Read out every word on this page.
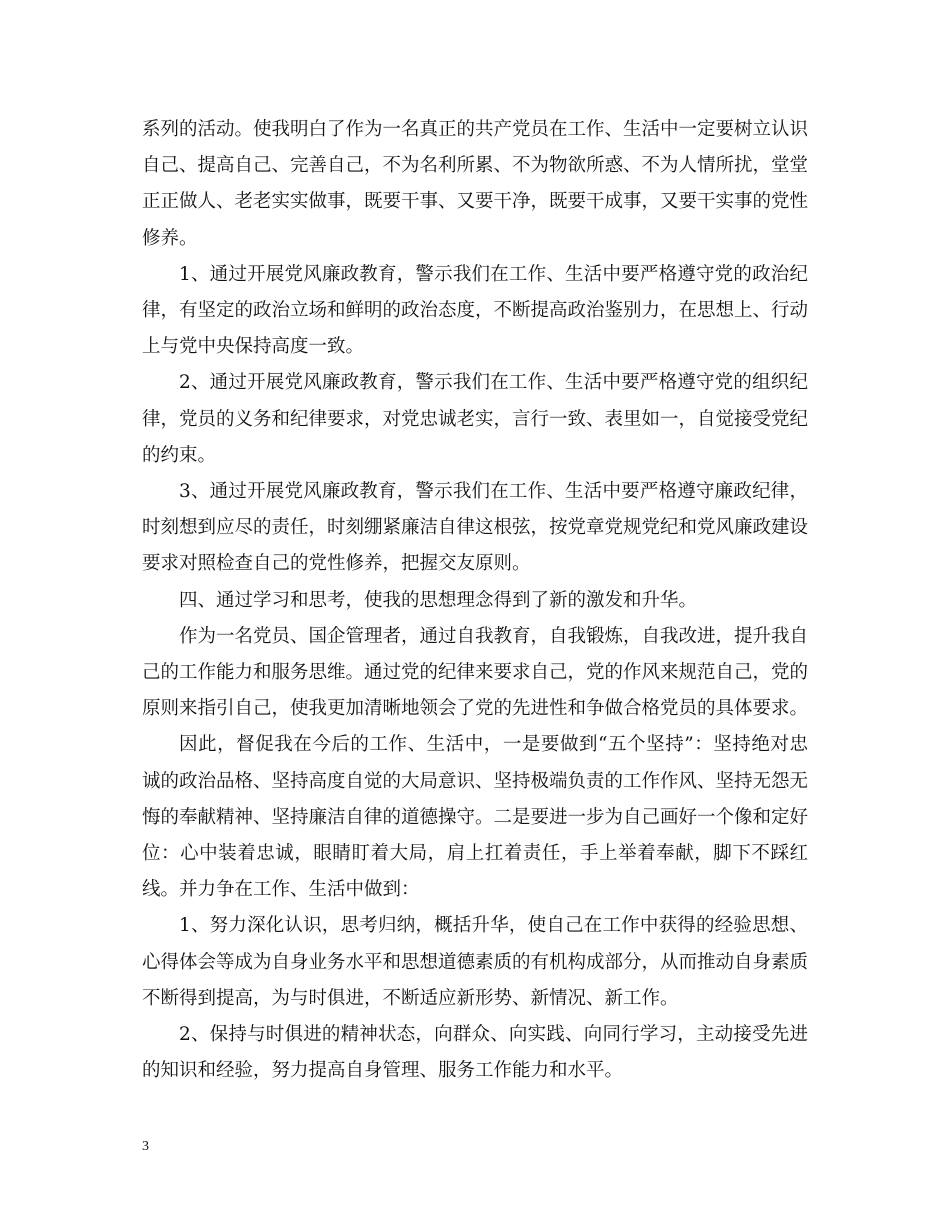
系列的活动。使我明白了作为一名真正的共产党员在工作、生活中一定要树立认识自己、提高自己、完善自己，不为名利所累、不为物欲所惑、不为人情所扰，堂堂正正做人、老老实实做事，既要干事、又要干净，既要干成事，又要干实事的党性修养。

1、通过开展党风廉政教育，警示我们在工作、生活中要严格遵守党的政治纪律，有坚定的政治立场和鲜明的政治态度，不断提高政治鉴别力，在思想上、行动上与党中央保持高度一致。

2、通过开展党风廉政教育，警示我们在工作、生活中要严格遵守党的组织纪律，党员的义务和纪律要求，对党忠诚老实，言行一致、表里如一，自觉接受党纪的约束。

3、通过开展党风廉政教育，警示我们在工作、生活中要严格遵守廉政纪律，时刻想到应尽的责任，时刻绷紧廉洁自律这根弦，按党章党规党纪和党风廉政建设要求对照检查自己的党性修养，把握交友原则。

四、通过学习和思考，使我的思想理念得到了新的激发和升华。

作为一名党员、国企管理者，通过自我教育，自我锻炼，自我改进，提升我自己的工作能力和服务思维。通过党的纪律来要求自己，党的作风来规范自己，党的原则来指引自己，使我更加清晰地领会了党的先进性和争做合格党员的具体要求。

因此，督促我在今后的工作、生活中，一是要做到“五个坚持”：坚持绝对忠诚的政治品格、坚持高度自觉的大局意识、坚持极端负责的工作作风、坚持无怨无悔的奉献精神、坚持廉洁自律的道德操守。二是要进一步为自己画好一个像和定好位：心中装着忠诚，眼睛盯着大局，肩上扛着责任，手上举着奉献，脚下不踩红线。并力争在工作、生活中做到：

1、努力深化认识，思考归纳，概括升华，使自己在工作中获得的经验思想、心得体会等成为自身业务水平和思想道德素质的有机构成部分，从而推动自身素质不断得到提高，为与时俱进，不断适应新形势、新情况、新工作。

2、保持与时俱进的精神状态，向群众、向实践、向同行学习，主动接受先进的知识和经验，努力提高自身管理、服务工作能力和水平。

3
